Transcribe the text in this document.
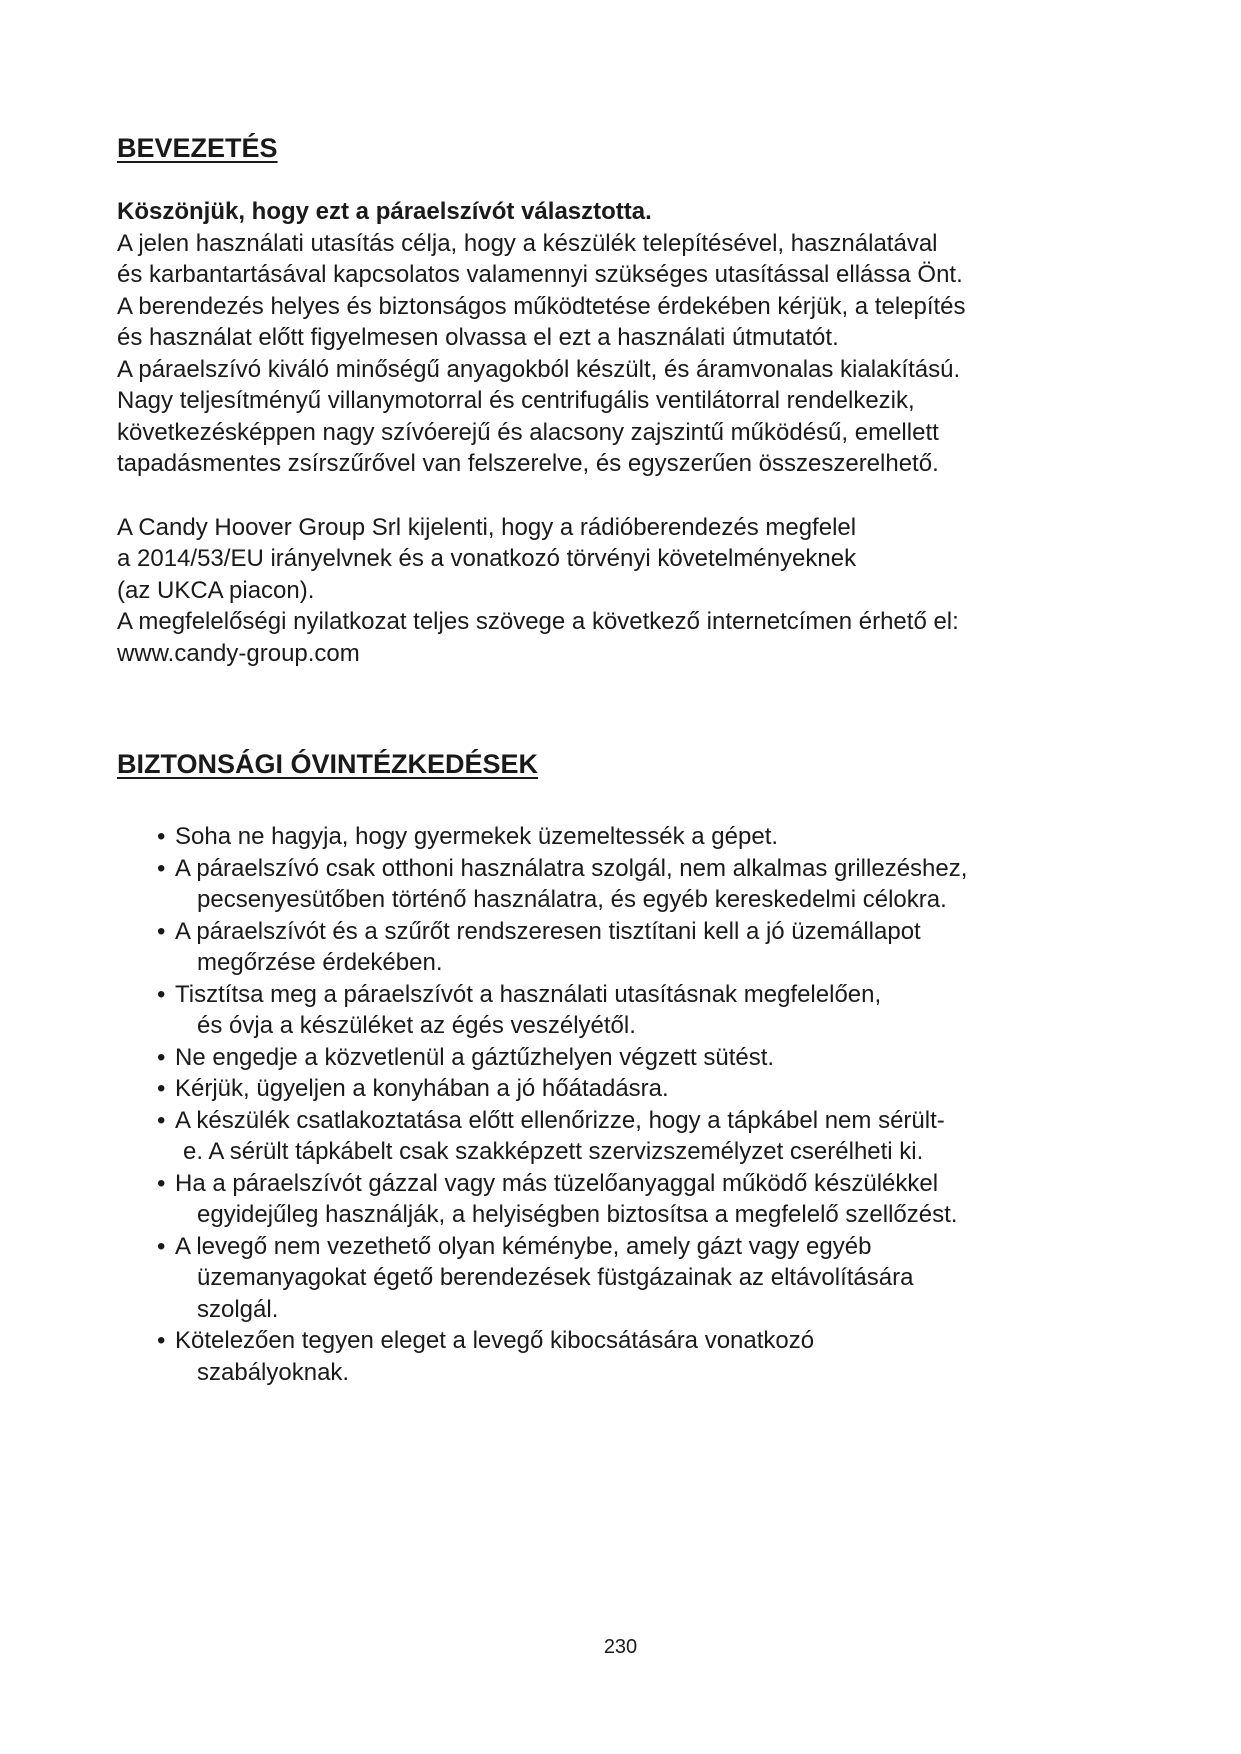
BEVEZETÉS

Köszönjük, hogy ezt a páraelszívót választotta.

A jelen használati utasítás célja, hogy a készülék telepítésével, használatával

és karbantartásával kapcsolatos valamennyi szükséges utasítással ellássa Önt.

A berendezés helyes és biztonságos működtetése érdekében kérjük, a telepítés

és használat előtt figyelmesen olvassa el ezt a használati útmutatót.

A páraelszívó kiváló minőségű anyagokból készült, és áramvonalas kialakítású.

Nagy teljesítményű villanymotorral és centrifugális ventilátorral rendelkezik,

következésképpen nagy szívóerejű és alacsony zajszintű működésű, emellett

tapadásmentes zsírszűrővel van felszerelve, és egyszerűen összeszerelhető.

A Candy Hoover Group Srl kijelenti, hogy a rádióberendezés megfelel

a 2014/53/EU irányelvnek és a vonatkozó törvényi követelményeknek

(az UKCA piacon).

A megfelelőségi nyilatkozat teljes szövege a következő internetcímen érhető el:

www.candy-group.com

BIZTONSÁGI ÓVINTÉZKEDÉSEK
• Soha ne hagyja, hogy gyermekek üzemeltessék a gépet.
• A páraelszívó csak otthoni használatra szolgál, nem alkalmas grillezéshez,
pecsenyesütőben történő használatra, és egyéb kereskedelmi célokra.
• A páraelszívót és a szűrőt rendszeresen tisztítani kell a jó üzemállapot
megőrzése érdekében.
• Tisztítsa meg a páraelszívót a használati utasításnak megfelelően,
és óvja a készüléket az égés veszélyétől.
• Ne engedje a közvetlenül a gáztűzhelyen végzett sütést.
• Kérjük, ügyeljen a konyhában a jó hőátadásra.
• A készülék csatlakoztatása előtt ellenőrizze, hogy a tápkábel nem sérült-
e. A sérült tápkábelt csak szakképzett szervizszemélyzet cserélheti ki.
• Ha a páraelszívót gázzal vagy más tüzelőanyaggal működő készülékkel
egyidejűleg használják, a helyiségben biztosítsa a megfelelő szellőzést.
• A levegő nem vezethető olyan kéménybe, amely gázt vagy egyéb
üzemanyagokat égető berendezések füstgázainak az eltávolítására
szolgál.
• Kötelezően tegyen eleget a levegő kibocsátására vonatkozó
szabályoknak.
230
